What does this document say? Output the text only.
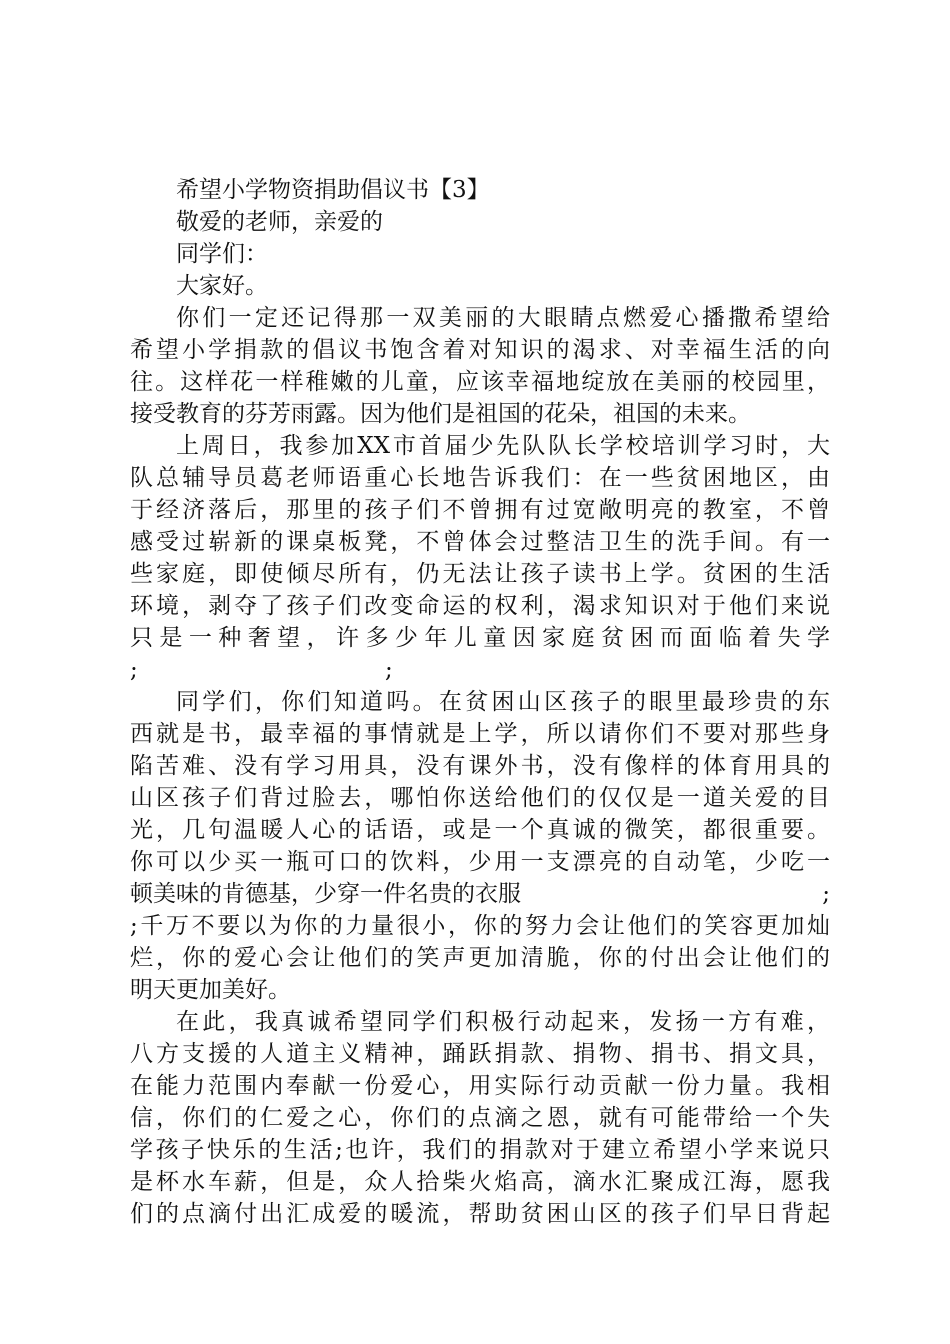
希望小学物资捐助倡议书【3】
敬爱的老师，亲爱的
同学们：
大家好。
你们一定还记得那一双美丽的大眼睛点燃爱心播撒希望给
希望小学捐款的倡议书饱含着对知识的渴求、对幸福生活的向
往。这样花一样稚嫩的儿童，应该幸福地绽放在美丽的校园里，
接受教育的芬芳雨露。因为他们是祖国的花朵，祖国的未来。
上周日，我参加XX市首届少先队队长学校培训学习时，大
队总辅导员葛老师语重心长地告诉我们：在一些贫困地区，由
于经济落后，那里的孩子们不曾拥有过宽敞明亮的教室，不曾
感受过崭新的课桌板凳，不曾体会过整洁卫生的洗手间。有一
些家庭，即使倾尽所有，仍无法让孩子读书上学。贫困的生活
环境，剥夺了孩子们改变命运的权利，渴求知识对于他们来说
只是一种奢望，许多少年儿童因家庭贫困而面临着失学
;	;
同学们，你们知道吗。在贫困山区孩子的眼里最珍贵的东
西就是书，最幸福的事情就是上学，所以请你们不要对那些身
陷苦难、没有学习用具，没有课外书，没有像样的体育用具的
山区孩子们背过脸去，哪怕你送给他们的仅仅是一道关爱的目
光，几句温暖人心的话语，或是一个真诚的微笑，都很重要。
你可以少买一瓶可口的饮料，少用一支漂亮的自动笔，少吃一
顿美味的肯德基，少穿一件名贵的衣服	;
;千万不要以为你的力量很小，你的努力会让他们的笑容更加灿
烂，你的爱心会让他们的笑声更加清脆，你的付出会让他们的
明天更加美好。
在此，我真诚希望同学们积极行动起来，发扬一方有难，
八方支援的人道主义精神，踊跃捐款、捐物、捐书、捐文具，
在能力范围内奉献一份爱心，用实际行动贡献一份力量。我相
信，你们的仁爱之心，你们的点滴之恩，就有可能带给一个失
学孩子快乐的生活;也许，我们的捐款对于建立希望小学来说只
是杯水车薪，但是，众人拾柴火焰高，滴水汇聚成江海，愿我
们的点滴付出汇成爱的暖流，帮助贫困山区的孩子们早日背起
